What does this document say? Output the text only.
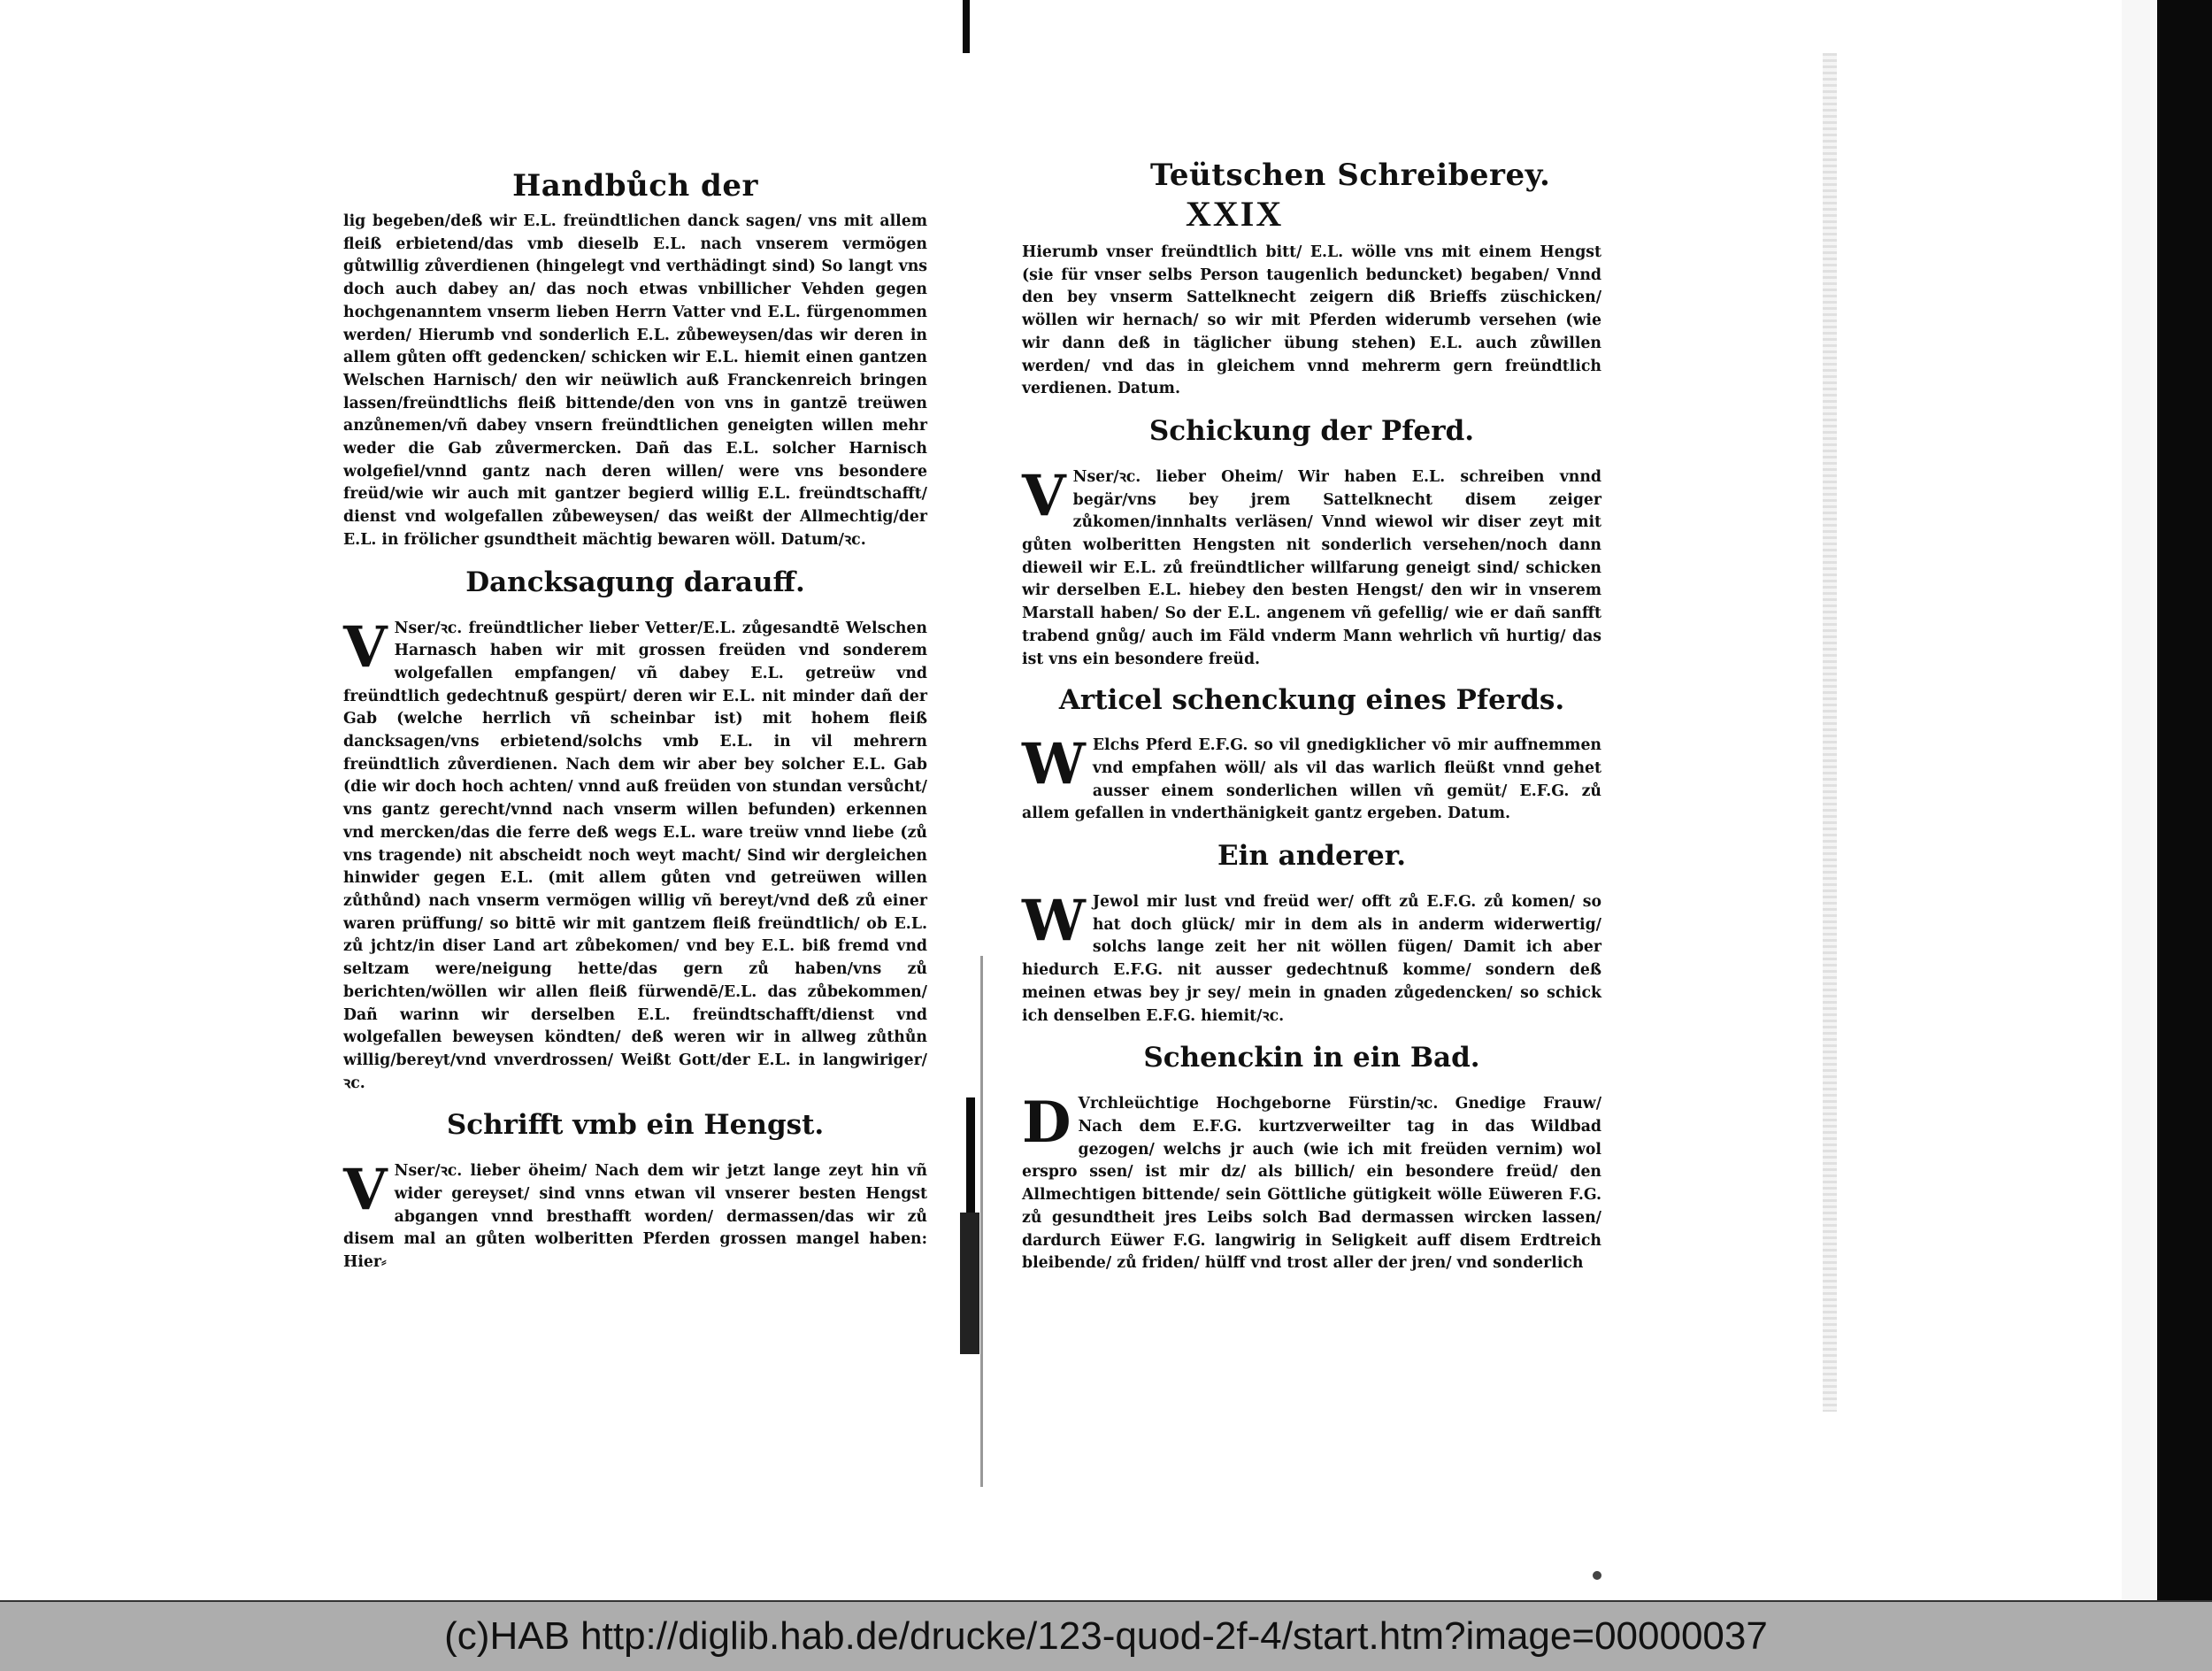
Handbůch der

lig begeben/deß wir E.L. freündtlichen danck sagen/ vns mit allem fleiß erbietend/das vmb dieselb E.L. nach vnserem vermögen gůtwillig zůverdienen (hingelegt vnd verthädingt sind) So langt vns doch auch dabey an/ das noch etwas vnbillicher Vehden gegen hochgenanntem vnserm lieben Herrn Vatter vnd E.L. fürgenommen werden/ Hierumb vnd sonderlich E.L. zůbeweysen/das wir deren in allem gůten offt gedencken/ schicken wir E.L. hiemit einen gantzen Welschen Harnisch/ den wir neüwlich auß Franckenreich bringen lassen/freündtlichs fleiß bittende/den von vns in gantzē treüwen anzůnemen/vñ dabey vnsern freündtlichen geneigten willen mehr weder die Gab zůvermercken. Dañ das E.L. solcher Harnisch wolgefiel/vnnd gantz nach deren willen/ were vns besondere freüd/wie wir auch mit gantzer begierd willig E.L. freündtschafft/ dienst vnd wolgefallen zůbeweysen/ das weißt der Allmechtig/der E.L. in frölicher gsundtheit mächtig bewaren wöll. Datum/ꝛc.

Dancksagung darauff.

V Nser/ꝛc. freündtlicher lieber Vetter/E.L. zůgesandtē Welschen Harnasch haben wir mit grossen freüden vnd sonderem wolgefallen empfangen/ vñ dabey E.L. getreüw vnd freündtlich gedechtnuß gespürt/ deren wir E.L. nit minder dañ der Gab (welche herrlich vñ scheinbar ist) mit hohem fleiß dancksagen/vns erbietend/solchs vmb E.L. in vil mehrern freündtlich zůverdienen. Nach dem wir aber bey solcher E.L. Gab (die wir doch hoch achten/ vnnd auß freüden von stundan versůcht/ vns gantz gerecht/vnnd nach vnserm willen befunden) erkennen vnd mercken/das die ferre deß wegs E.L. ware treüw vnnd liebe (zů vns tragende) nit abscheidt noch weyt macht/ Sind wir dergleichen hinwider gegen E.L. (mit allem gůten vnd getreüwen willen zůthůnd) nach vnserm vermögen willig vñ bereyt/vnd deß zů einer waren prüffung/ so bittē wir mit gantzem fleiß freündtlich/ ob E.L. zů jchtz/in diser Land art zůbekomen/ vnd bey E.L. biß fremd vnd seltzam were/neigung hette/das gern zů haben/vns zů berichten/wöllen wir allen fleiß fürwendē/E.L. das zůbekommen/ Dañ warinn wir derselben E.L. freündtschafft/dienst vnd wolgefallen beweysen köndten/ deß weren wir in allweg zůthůn willig/bereyt/vnd vnverdrossen/ Weißt Gott/der E.L. in langwiriger/ꝛc.

Schrifft vmb ein Hengst.

V Nser/ꝛc. lieber öheim/ Nach dem wir jetzt lange zeyt hin vñ wider gereyset/ sind vnns etwan vil vnserer besten Hengst abgangen vnnd bresthafft worden/ dermassen/das wir zů disem mal an gůten wolberitten Pferden grossen mangel haben: Hier⸗

Teütschen Schreiberey. XXIX

Hierumb vnser freündtlich bitt/ E.L. wölle vns mit einem Hengst (sie für vnser selbs Person taugenlich beduncket) begaben/ Vnnd den bey vnserm Sattelknecht zeigern diß Brieffs züschicken/ wöllen wir hernach/ so wir mit Pferden widerumb versehen (wie wir dann deß in täglicher übung stehen) E.L. auch zůwillen werden/ vnd das in gleichem vnnd mehrerm gern freündtlich verdienen. Datum.

Schickung der Pferd.

V Nser/ꝛc. lieber Oheim/ Wir haben E.L. schreiben vnnd begär/vns bey jrem Sattelknecht disem zeiger zůkomen/innhalts verläsen/ Vnnd wiewol wir diser zeyt mit gůten wolberitten Hengsten nit sonderlich versehen/noch dann dieweil wir E.L. zů freündtlicher willfarung geneigt sind/ schicken wir derselben E.L. hiebey den besten Hengst/ den wir in vnserem Marstall haben/ So der E.L. angenem vñ gefellig/ wie er dañ sanfft trabend gnůg/ auch im Fäld vnderm Mann wehrlich vñ hurtig/ das ist vns ein besondere freüd.

Articel schenckung eines Pferds.

W Elchs Pferd E.F.G. so vil gnedigklicher vō mir auffnemmen vnd empfahen wöll/ als vil das warlich fleüßt vnnd gehet ausser einem sonderlichen willen vñ gemüt/ E.F.G. zů allem gefallen in vnderthänigkeit gantz ergeben. Datum.

Ein anderer.

W Jewol mir lust vnd freüd wer/ offt zů E.F.G. zů komen/ so hat doch glück/ mir in dem als in anderm widerwertig/ solchs lange zeit her nit wöllen fügen/ Damit ich aber hiedurch E.F.G. nit ausser gedechtnuß komme/ sondern deß meinen etwas bey jr sey/ mein in gnaden zůgedencken/ so schick ich denselben E.F.G. hiemit/ꝛc.

Schenckin in ein Bad.

D Vrchleüchtige Hochgeborne Fürstin/ꝛc. Gnedige Frauw/ Nach dem E.F.G. kurtzverweilter tag in das Wildbad gezogen/ welchs jr auch (wie ich mit freüden vernim) wol erspro ssen/ ist mir dz/ als billich/ ein besondere freüd/ den Allmechtigen bittende/ sein Göttliche gütigkeit wölle Eüweren F.G. zů gesundtheit jres Leibs solch Bad dermassen wircken lassen/ dardurch Eüwer F.G. langwirig in Seligkeit auff disem Erdtreich bleibende/ zů friden/ hülff vnd trost aller der jren/ vnd sonderlich

(c)HAB http://diglib.hab.de/drucke/123-quod-2f-4/start.htm?image=00000037
